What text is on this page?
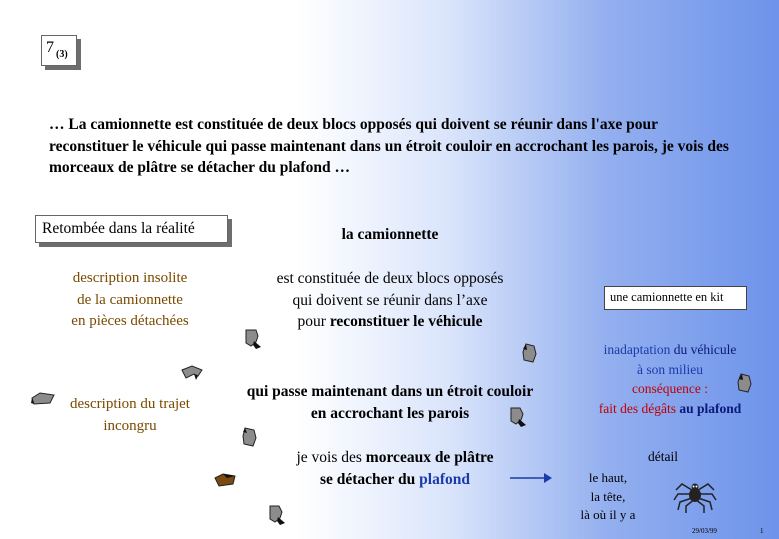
7 (3)
… La camionnette est constituée de deux blocs opposés qui doivent se réunir dans l'axe pour reconstituer le véhicule qui passe maintenant dans un étroit couloir en accrochant les parois, je vois des morceaux de plâtre se détacher du plafond …
Retombée dans la réalité
description insolite
de la camionnette
en pièces détachées
description du trajet
incongru
la camionnette
est constituée de deux blocs opposés
qui doivent se réunir dans l’axe
pour reconstituer le véhicule
qui passe maintenant dans un étroit couloir
en accrochant les parois
je vois des morceaux de plâtre
se détacher du plafond
une camionnette en kit
inadaptation du véhicule
à son milieu
conséquence :
fait des dégâts au plafond
détail
le haut,
la tête,
là où il y a
29/03/99	1
